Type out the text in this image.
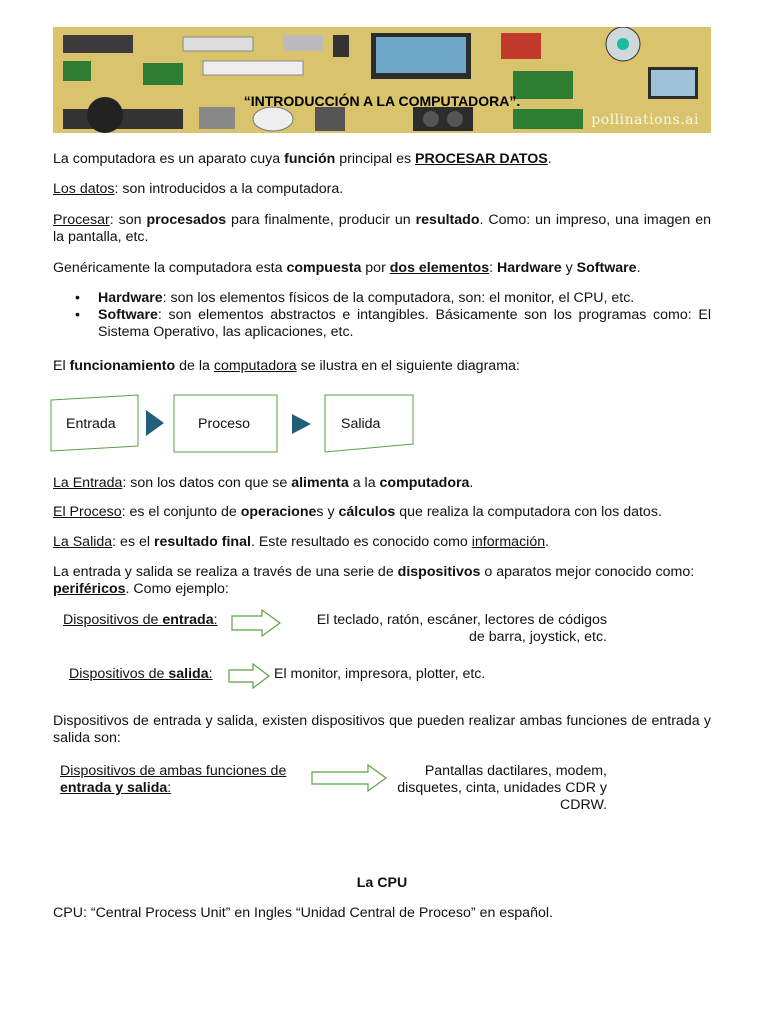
“INTRODUCCIÓN A LA COMPUTADORA”.
pollinations.ai

La computadora es un aparato cuya función principal es PROCESAR DATOS.

Los datos: son introducidos a la computadora.

Procesar: son procesados para finalmente, producir un resultado. Como: un impreso, una imagen en la pantalla, etc.

Genéricamente la computadora esta compuesta por dos elementos: Hardware y Software.

• Hardware: son los elementos físicos de la computadora, son: el monitor, el CPU, etc.
• Software: son elementos abstractos e intangibles. Básicamente son los programas como: El Sistema Operativo, las aplicaciones, etc.

El funcionamiento de la computadora se ilustra en el siguiente diagrama:

Entrada	Proceso	Salida

La Entrada: son los datos con que se alimenta a la computadora.

El Proceso: es el conjunto de operaciones y cálculos que realiza la computadora con los datos.

La Salida: es el resultado final. Este resultado es conocido como información.

La entrada y salida se realiza a través de una serie de dispositivos o aparatos mejor conocido como: periféricos. Como ejemplo:

Dispositivos de entrada:	El teclado, ratón, escáner, lectores de códigos
de barra, joystick, etc.
Dispositivos de salida:	El monitor, impresora, plotter, etc.

Dispositivos de entrada y salida, existen dispositivos que pueden realizar ambas funciones de entrada y salida son:

Dispositivos de ambas funciones de
entrada y salida:
Pantallas dactilares, modem,
disquetes, cinta, unidades CDR y
CDRW.
La CPU

CPU: “Central Process Unit” en Ingles “Unidad Central de Proceso” en español.
